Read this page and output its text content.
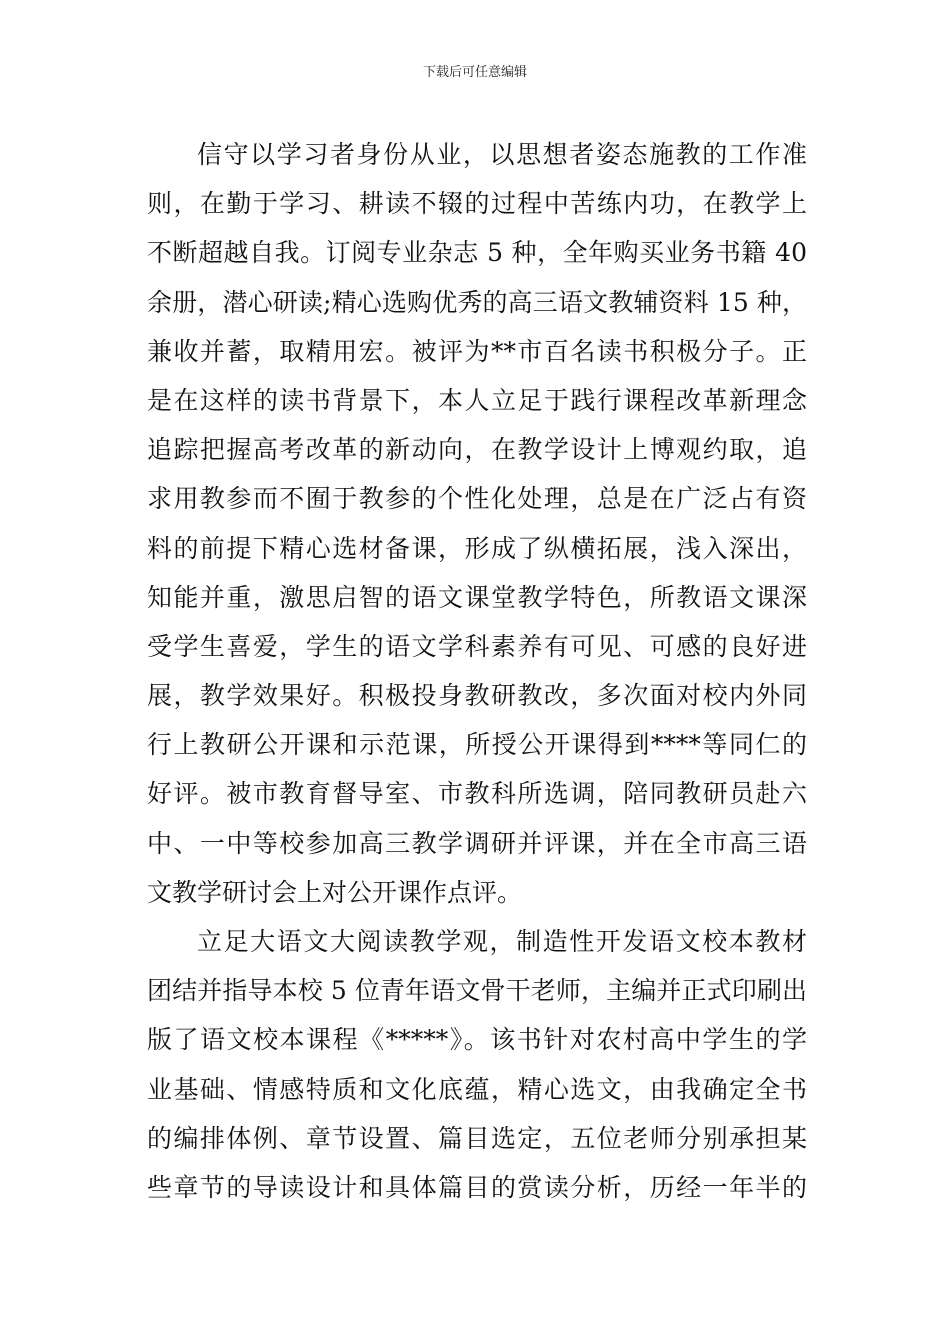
下载后可任意编辑
信守以学习者身份从业，以思想者姿态施教的工作准
则，在勤于学习、耕读不辍的过程中苦练内功，在教学上
不断超越自我。订阅专业杂志 5 种，全年购买业务书籍 40
余册，潜心研读;精心选购优秀的高三语文教辅资料 15 种，
兼收并蓄，取精用宏。被评为**市百名读书积极分子。正
是在这样的读书背景下，本人立足于践行课程改革新理念
追踪把握高考改革的新动向，在教学设计上博观约取，追
求用教参而不囿于教参的个性化处理，总是在广泛占有资
料的前提下精心选材备课，形成了纵横拓展，浅入深出，
知能并重，激思启智的语文课堂教学特色，所教语文课深
受学生喜爱，学生的语文学科素养有可见、可感的良好进
展，教学效果好。积极投身教研教改，多次面对校内外同
行上教研公开课和示范课，所授公开课得到****等同仁的
好评。被市教育督导室、市教科所选调，陪同教研员赴六
中、一中等校参加高三教学调研并评课，并在全市高三语
文教学研讨会上对公开课作点评。
立足大语文大阅读教学观，制造性开发语文校本教材
团结并指导本校 5 位青年语文骨干老师，主编并正式印刷出
版了语文校本课程《*****》。该书针对农村高中学生的学
业基础、情感特质和文化底蕴，精心选文，由我确定全书
的编排体例、章节设置、篇目选定，五位老师分别承担某
些章节的导读设计和具体篇目的赏读分析，历经一年半的
